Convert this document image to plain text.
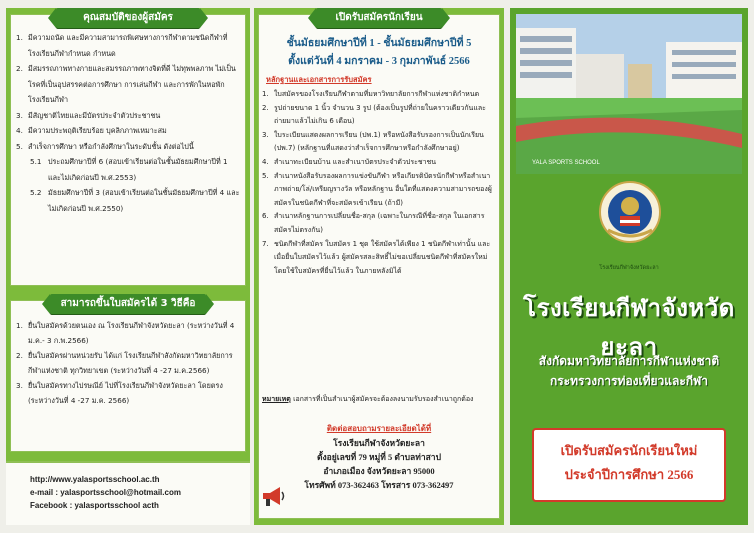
คุณสมบัติของผู้สมัคร
1. มีความถนัด และมีความสามารถพิเศษทางการกีฬาตามชนิดกีฬาที่โรงเรียนกีฬากำหนด กำหนด
2. มีสมรรถภาพทางกายและสมรรถภาพทางจิตที่ดี ไม่ทุพพลภาพ ไม่เป็นโรคที่เป็นอุปสรรคต่อการศึกษา การเล่นกีฬา และการพักในหอพักโรงเรียนกีฬา
3. มีสัญชาติไทยและมีบัตรประจำตัวประชาชน
4. มีความประพฤติเรียบร้อย บุคลิกภาพเหมาะสม
5. สำเร็จการศึกษา หรือกำลังศึกษาในระดับชั้น ดังต่อไปนี้
5.1 ประถมศึกษาปีที่ 6 (สอบเข้าเรียนต่อในชั้นมัธยมศึกษาปีที่ 1 และไม่เกิดก่อนปี พ.ศ.2553)
5.2 มัธยมศึกษาปีที่ 3 (สอบเข้าเรียนต่อในชั้นมัธยมศึกษาปีที่ 4 และไม่เกิดก่อนปี พ.ศ.2550)
สามารถขึ้นใบสมัครได้ 3 วิธีคือ
1. ยื่นใบสมัครด้วยตนเอง ณ โรงเรียนกีฬาจังหวัดยะลา (ระหว่างวันที่ 4 ม.ค.- 3 ก.พ.2566)
2. ยื่นใบสมัครผ่านหน่วยรับ ได้แก่ โรงเรียนกีฬาสังกัดมหาวิทยาลัยการกีฬาแห่งชาติ ทุกวิทยาเขต (ระหว่างวันที่ 4 -27 ม.ค.2566)
3. ยื่นใบสมัครทางไปรษณีย์ ไปที่โรงเรียนกีฬาจังหวัดยะลา โดยตรง (ระหว่างวันที่ 4 -27 ม.ค. 2566)
http://www.yalasportsschool.ac.th
e-mail : yalasportsschool@hotmail.com
Facebook : yalasportsschool acth
เปิดรับสมัครนักเรียน
ชั้นมัธยมศึกษาปีที่ 1 - ชั้นมัธยมศึกษาปีที่ 5
ตั้งแต่วันที่ 4 มกราคม - 3 กุมภาพันธ์ 2566
หลักฐานและเอกสารการรับสมัคร
1. ใบสมัครของโรงเรียนกีฬาตามที่มหาวิทยาลัยการกีฬาแห่งชาติกำหนด
2. รูปถ่ายขนาด 1 นิ้ว จำนวน 3 รูป (ต้องเป็นรูปที่ถ่ายในคราวเดียวกันและถ่ายมาแล้วไม่เกิน 6 เดือน)
3. ใบระเบียนแสดงผลการเรียน (ปพ.1) หรือหนังสือรับรองการเป็นนักเรียน (ปพ.7) (หลักฐานที่แสดงว่าสำเร็จการศึกษาหรือกำลังศึกษาอยู่)
4. สำเนาทะเบียนบ้าน และสำเนาบัตรประจำตัวประชาชน
5. สำเนาหนังสือรับรองผลการแข่งขันกีฬา หรือเกียรติบัตรนักกีฬาหรือสำเนาภาพถ่าย/โล่/เหรียญรางวัล หรือหลักฐาน อื่นใดที่แสดงความสามารถของผู้สมัครในชนิดกีฬาที่จะสมัครเข้าเรียน (ถ้ามี)
6. สำเนาหลักฐานการเปลี่ยนชื่อ-สกุล (เฉพาะในกรณีที่ชื่อ-สกุล ในเอกสารสมัครไม่ตรงกัน)
7. ชนิดกีฬาที่สมัคร ใบสมัคร 1 ชุด ใช้สมัครได้เพียง 1 ชนิดกีฬาเท่านั้น และเมื่อยื่นใบสมัครไว้แล้ว ผู้สมัครสละสิทธิ์ไม่ขอเปลี่ยนชนิดกีฬาที่สมัครใหม่โดยใช้ใบสมัครที่ยื่นไว้แล้ว ในภายหลังมิได้
หมายเหตุ เอกสารที่เป็นสำเนาผู้สมัครจะต้องลงนามรับรองสำเนาถูกต้อง
ติดต่อสอบถามรายละเอียดได้ที่
โรงเรียนกีฬาจังหวัดยะลา
ตั้งอยู่เลขที่ 79 หมู่ที่ 5 ตำบลท่าสาป
อำเภอเมือง จังหวัดยะลา 95000
โทรศัพท์ 073-362463 โทรสาร 073-362497
YALA SPORTS SCHOOL
โรงเรียนกีฬาจังหวัดยะลา
โรงเรียนกีฬาจังหวัดยะลา
สังกัดมหาวิทยาลัยการกีฬาแห่งชาติ
กระทรวงการท่องเที่ยวและกีฬา
เปิดรับสมัครนักเรียนใหม่
ประจำปีการศึกษา 2566
